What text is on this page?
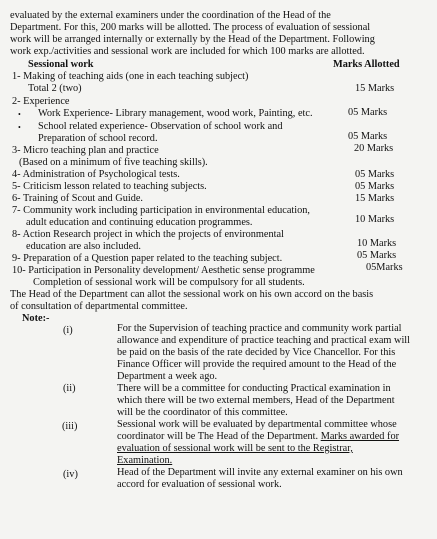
evaluated by the external examiners under the coordination of the Head of the
Department. For this, 200 marks will be allotted. The process of evaluation of sessional
work will be arranged internally or externally by the Head of the Department. Following
work exp./activities and sessional work are included for which 100 marks are allotted.
Sessional work	Marks Allotted
1- Making of teaching aids (one in each teaching subject)
Total 2 (two)	15 Marks
2- Experience
• Work Experience- Library management, wood work, Painting, etc.	05 Marks
• School related experience- Observation of school work and
Preparation of school record.	05 Marks
3- Micro teaching plan and practice	20 Marks
(Based on a minimum of five teaching skills).
4- Administration of Psychological tests.	05 Marks
5- Criticism lesson related to teaching subjects.	05 Marks
6- Training of Scout and Guide.	15 Marks
7- Community work including participation in environmental education,
adult education and continuing education programmes.	10 Marks
8- Action Research project in which the projects of environmental
education are also included.	10 Marks
9- Preparation of a Question paper related to the teaching subject.	05 Marks
10- Participation in Personality development/ Aesthetic sense programme	05Marks
Completion of sessional work will be compulsory for all students.
The Head of the Department can allot the sessional work on his own accord on the basis
of consultation of departmental committee.
Note:-
(i)	For the Supervision of teaching practice and community work partial
allowance and expenditure of practice teaching and practical exam will
be paid on the basis of the rate decided by Vice Chancellor. For this
Finance Officer will provide the required amount to the Head of the
Department a week ago.
(ii)	There will be a committee for conducting Practical examination in
which there will be two external members, Head of the Department
will be the coordinator of this committee.
(iii)	Sessional work will be evaluated by departmental committee whose
coordinator will be The Head of the Department. Marks awarded for
evaluation of sessional work will be sent to the Registrar,
Examination.
(iv)	Head of the Department will invite any external examiner on his own
accord for evaluation of sessional work.
